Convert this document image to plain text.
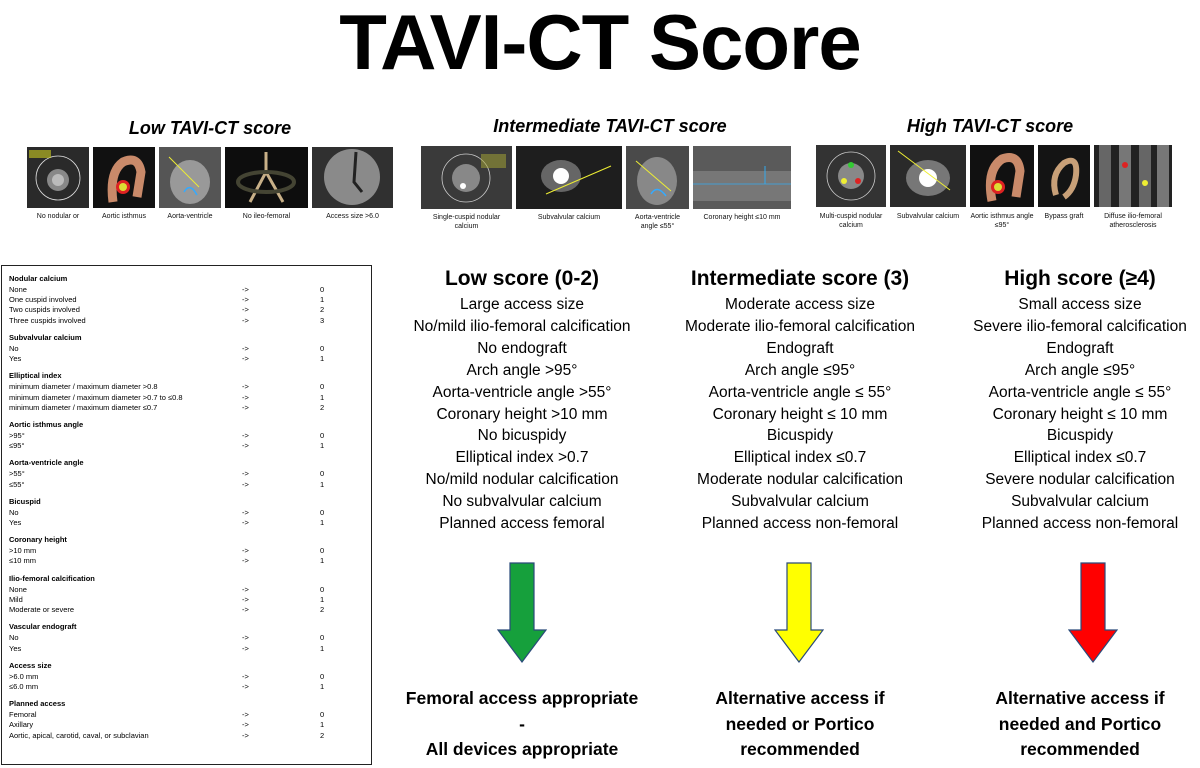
TAVI-CT Score
Low TAVI-CT score	Intermediate TAVI-CT score	High TAVI-CT score
No nodular or	Aortic isthmus	Aorta-ventricle	No ileo-femoral	Access size >6.0	Single-cuspid nodular calcium
Subvalvular calcium	Aorta-ventricle angle ≤55°
Coronary height ≤10 mm	Multi-cuspid nodular calcium
Subvalvular calcium	Aortic isthmus angle ≤95°
Bypass graft	Diffuse ilio-femoral atherosclerosis
Nodular calcium
None	->	0
One cuspid involved	->	1
Two cuspids involved	->	2
Three cuspids involved	->	3
Subvalvular calcium
No	->	0
Yes	->	1
Elliptical index
minimum diameter / maximum diameter >0.8	->	0
minimum diameter / maximum diameter >0.7 to ≤0.8	->	1
minimum diameter / maximum diameter ≤0.7	->	2
Aortic isthmus angle
>95°	->	0
≤95°	->	1
Aorta-ventricle angle
>55°	->	0
≤55°	->	1
Bicuspid
No	->	0
Yes	->	1
Coronary height
>10 mm	->	0
≤10 mm	->	1
Ilio-femoral calcification
None	->	0
Mild	->	1
Moderate or severe	->	2
Vascular endograft
No	->	0
Yes	->	1
Access size
>6.0 mm	->	0
≤6.0 mm	->	1
Planned access
Femoral	->	0
Axillary	->	1
Aortic, apical, carotid, caval, or subclavian	->	2
Low score (0-2)
Large access size
No/mild ilio-femoral calcification
No endograft
Arch angle >95°
Aorta-ventricle angle >55°
Coronary height >10 mm
No bicuspidy
Elliptical index >0.7
No/mild nodular calcification
No subvalvular calcium
Planned access femoral
Intermediate score (3)
Moderate access size
Moderate ilio-femoral calcification
Endograft
Arch angle ≤95°
Aorta-ventricle angle ≤ 55°
Coronary height ≤ 10 mm
Bicuspidy
Elliptical index ≤0.7
Moderate nodular calcification
Subvalvular calcium
Planned access non-femoral
High score (≥4)
Small access size
Severe ilio-femoral calcification
Endograft
Arch angle ≤95°
Aorta-ventricle angle ≤ 55°
Coronary height ≤ 10 mm
Bicuspidy
Elliptical index ≤0.7
Severe nodular calcification
Subvalvular calcium
Planned access non-femoral
Femoral access appropriate
-
All devices appropriate
Alternative access if
needed or Portico
recommended
Alternative access if
needed and Portico
recommended
